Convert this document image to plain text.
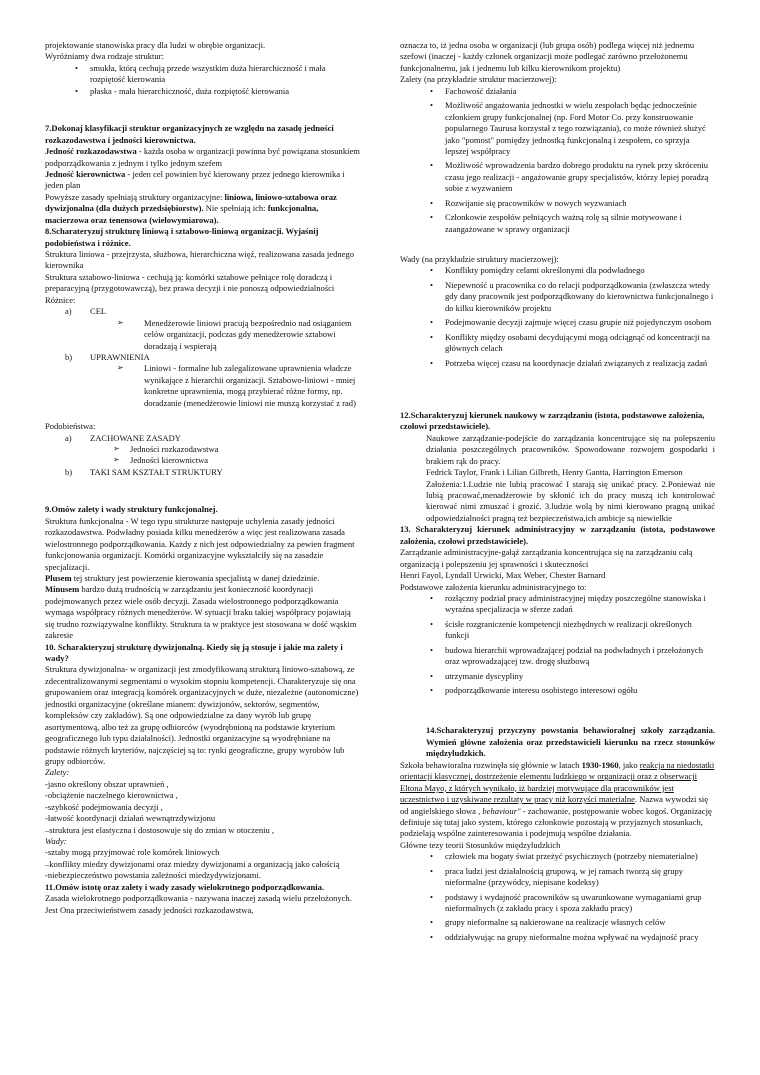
projektowanie stanowiska pracy dla ludzi w obrębie organizacji.

Wyróżniamy dwa rodzaje struktur:

• smukła, którą cechują przede wszystkim duża hierarchiczność i mała rozpiętość kierowania
• płaska - mała hierarchiczność, duża rozpiętość kierowania

7.Dokonaj klasyfikacji struktur organizacyjnych ze względu na zasadę jedności rozkazodawstwa i jedności kierownictwa.

Jedność rozkazodawstwa - każda osoba w organizacji powinna być powiązana stosunkiem podporządkowania z jednym i tylko jednym szefem

Jedność kierownictwa - jeden cel powinien być kierowany przez jednego kierownika i jeden plan

Powyższe zasady spełniają struktury organizacyjne: liniowa, liniowo-sztabowa oraz dywizjonalna (dla dużych przedsiębiorstw). Nie spełniają ich: funkcjonalna, macierzowa oraz tenensowa (wielowymiarowa).

8.Scharateryzuj strukturę liniową i sztabowo-liniową organizacji. Wyjaśnij podobieństwa i różnice.

Struktura liniowa - przejrzysta, służbowa, hierarchiczna więź, realizowana zasada jednego kierownika

Struktura sztabowo-liniowa - cechują ją: komórki sztabowe pełniące rolę doradczą i preparacyjną (przygotowawczą), bez prawa decyzji i nie ponoszą odpowiedzialności

Różnice:

a)	CEL
➢ Menedżerowie liniowi pracują bezpośrednio nad osiąganiem celów organizacji, podczas gdy menedżerowie sztabowi doradzają i wspierają
b)	UPRAWNIENIA
➢ Liniowi - formalne lub zalegalizowane uprawnienia władcze wynikające z hierarchii organizacji. Sztabowo-liniowi - mniej konkretne uprawnienia, mogą przybierać różne formy, np. doradzanie (menedżerowie liniowi nie muszą korzystać z rad)

Podobieństwa:

a)	ZACHOWANE ZASADY
➢ Jedności rozkazodawstwa
➢ Jedności kierownictwa
b)	TAKI SAM KSZTAŁT STRUKTURY

9.Omów zalety i wady struktury funkcjonalnej.

Struktura funkcjonalna - W tego typu strukturze następuje uchylenia zasady jedności rozkazodawstwa. Podwładny posiada kilku menedżerów a więc jest realizowana zasada wielostronnego podporządkowania. Każdy z nich jest odpowiedzialny za pewien fragment funkcjonowania organizacji. Komórki organizacyjne wykształciły się na zasadzie specjalizacji.

Plusem tej struktury jest powierzenie kierowania specjalistą w danej dziedzinie.

Minusem bardzo dużą trudnością w zarządzaniu jest konieczność koordynacji podejmowanych przez wiele osób decyzji. Zasada wielostronnego podporządkowania wymaga współpracy różnych menedżerów. W sytuacji braku takiej współpracy pojawiają się trudno rozwiązywalne konflikty. Struktura ta w praktyce jest stosowana w dość wąskim zakresie

10. Scharakteryzuj strukturę dywizjonalną. Kiedy się ją stosuje i jakie ma zalety i wady?

Struktura dywizjonalna- w organizacji jest zmodyfikowaną strukturą liniowo-sztabową, ze zdecentralizowanymi segmentami o wysokim stopniu kompetencji. Charakteryzuje się ona grupowaniem oraz integracją komórek organizacyjnych w duże, niezależne (autonomiczne) jednostki organizacyjne (określane mianem: dywizjonów, sektorów, segmentów, kompleksów czy zakładów). Są one odpowiedzialne za dany wyrób lub grupę asortymentową, albo też za grupę odbiorców (wyodrębnioną na podstawie kryterium geograficznego lub typu działalności). Jednostki organizacyjne są wyodrębniane na podstawie różnych kryteriów, najczęściej są to: rynki geograficzne, grupy wyrobów lub grupy odbiorców.

Zalety:

-jasno określony obszar uprawnień ,

-obciążenie naczelnego kierownictwa ,

-szybkość podejmowania decyzji ,

-łatwość koordynacji działań wewnątrzdywizjonu

–struktura jest elastyczna i dostosowuje się do zmian w otoczeniu ,

Wady:

-sztaby mogą przyjmować role komórek liniowych

–konflikty miedzy dywizjonami oraz miedzy dywizjonami a organizacją jako całością

-niebezpieczeństwo powstania zależności miedzydywizjonami.

11.Omów istotę oraz zalety i wady zasady wielokrotnego podporządkowania.

Zasada wielokrotnego podporządkowania - nazywana inaczej zasadą wielu przełożonych. Jest Ona przeciwieństwem zasady jedności rozkazodawstwa,

oznacza to, iż jedna osoba w organizacji (lub grupa osób) podlega więcej niż jednemu szefowi (inaczej - każdy członek organizacji może podlegać zarówno przełożonemu funkcjonalnemu, jak i jednemu lub kilku kierownikom projektu)

Zalety (na przykładzie struktur macierzowej):

• Fachowość działania
• Możliwość angażowania jednostki w wielu zespołach będąc jednocześnie członkiem grupy funkcjonalnej (np. Ford Motor Co. przy konstruowanie popularnego Taurusa korzystał z tego rozwiązania), co może również służyć jako "pomost" pomiędzy jednostką funkcjonalną i zespołem, co sprzyja lepszej współpracy
• Możliwość wprowadzenia bardzo dobrego produktu na rynek przy skróceniu czasu jego realizacji - angażowanie grupy specjalistów, którzy lepiej poradzą sobie z wyzwaniem
• Rozwijanie się pracowników w nowych wyzwaniach
• Członkowie zespołów pełniących ważną rolę są silnie motywowane i zaangażowane w sprawy organizacji

Wady (na przykładzie struktury macierzowej):

• Konflikty pomiędzy celami określonymi dla podwładnego
• Niepewność u pracownika co do relacji podporządkowania (zwłaszcza wtedy gdy dany pracownik jest podporządkowany do kierownictwa funkcjonalnego i do kilku kierowników projektu
• Podejmowanie decyzji zajmuje więcej czasu grupie niż pojedynczym osobom
• Konflikty między osobami decydującymi mogą odciągnąć od koncentracji na głównych celach
• Potrzeba więcej czasu na koordynacje działań związanych z realizacją zadań

12.Scharakteryzuj kierunek naukowy w zarządzaniu (istota, podstawowe założenia, czołowi przedstawiciele).

Naukowe zarządzanie-podejście do zarządzania koncentrujące się na polepszeniu działania poszczególnych pracowników. Spowodowane rozwojem gospodarki i brakiem rąk do pracy.

Fedrick Taylor, Frank i Lilian Gilbreth, Henry Gantta, Harrington Emerson

Założenia:1.Ludzie nie lubią pracować I starają się unikać pracy. 2.Ponieważ nie lubią pracować,menadżerowie by skłonić ich do pracy muszą ich kontrolować kierować nimi zmuszać i grozić. 3.ludzie wolą by nimi kierowano pragną unikać odpowiedzialności pragną też bezpieczeństwa,ich ambicje są niewielkie

13. Scharakteryzuj kierunek administracyjny w zarządzaniu (istota, podstawowe założenia, czołowi przedstawiciele).

Zarządzanie administracyjne-gałąź zarządzania koncentrująca się na zarządzaniu całą organizacją i polepszeniu jej sprawności i skuteczności

Henri Fayol, Lyndall Urwicki, Max Weber, Chester Barnard

Podstawowe założenia kierunku administracyjnego to:

• rozłączny podział pracy administracyjnej między poszczególne stanowiska i wyraźna specjalizacja w sferze zadań
• ścisłe rozgraniczenie kompetencji niezbędnych w realizacji określonych funkcji
• budowa hierarchii wprowadzającej podział na podwładnych i przełożonych oraz wprowadzającej tzw. drogę służbową
• utrzymanie dyscypliny
• podporządkowanie interesu osobistego interesowi ogółu

14.Scharakteryzuj przyczyny powstania behawioralnej szkoły zarządzania. Wymień główne założenia oraz przedstawicieli kierunku na rzecz stosunków międzyludzkich.

Szkoła behawioralna rozwinęła się głównie w latach 1930-1960, jako reakcja na niedostatki orientacji klasycznej, dostrzeżenie elementu ludzkiego w organizacji oraz z obserwacji Eltona Mayo, z których wynikało, iż bardziej motywujące dla pracowników jest uczestnictwo i uzyskiwane rezultaty w pracy niż korzyści materialne. Nazwa wywodzi się od angielskiego słowa , behaviour" - zachowanie, postępowanie wobec kogoś. Organizację definiuje się tutaj jako system, którego członkowie pozostają w przyjaznych stosunkach, podzielają wspólne zainteresowania i podejmują wspólne działania.

Główne tezy teorii Stosunków międzyludzkich

• człowiek ma bogaty świat przeżyć psychicznych (potrzeby niematerialne)
• praca ludzi jest działalnością grupową, w jej ramach tworzą się grupy nieformalne (przywódcy, niepisane kodeksy)
• podstawy i wydajność pracowników są uwarunkowane wymaganiami grup nieformalnych (z zakładu pracy i spoza zakładu pracy)
• grupy nieformalne są nakierowane na realizacje własnych celów
• oddziaływując na grupy nieformalne można wpływać na wydajność pracy
